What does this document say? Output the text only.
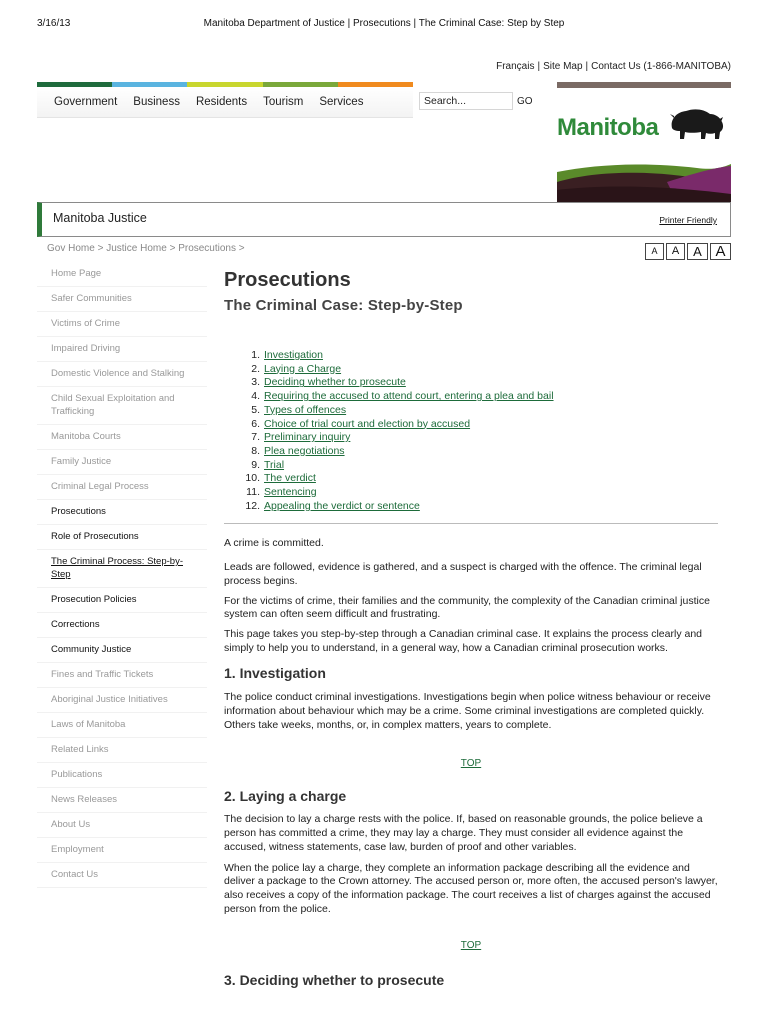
3/16/13	Manitoba Department of Justice | Prosecutions | The Criminal Case: Step by Step
Français | Site Map | Contact Us (1-866-MANITOBA)
Government	Business	Residents	Tourism	Services
Search...	GO
Manitoba
Manitoba Justice	Printer Friendly
Gov Home > Justice Home > Prosecutions >	A	A	A A
Home Page
Safer Communities
Victims of Crime
Impaired Driving
Domestic Violence and Stalking
Child Sexual Exploitation and Trafficking
Manitoba Courts
Family Justice
Criminal Legal Process
Prosecutions
Role of Prosecutions
The Criminal Process: Step-by-Step
Prosecution Policies
Corrections
Community Justice
Fines and Traffic Tickets
Aboriginal Justice Initiatives
Laws of Manitoba
Related Links
Publications
News Releases
About Us
Employment
Contact Us
Prosecutions
The Criminal Case: Step-by-Step
1. Investigation
2. Laying a Charge
3. Deciding whether to prosecute
4. Requiring the accused to attend court, entering a plea and bail
5. Types of offences
6. Choice of trial court and election by accused
7. Preliminary inquiry
8. Plea negotiations
9. Trial
10. The verdict
11. Sentencing
12. Appealing the verdict or sentence

A crime is committed.

Leads are followed, evidence is gathered, and a suspect is charged with the offence. The criminal legal process begins.

For the victims of crime, their families and the community, the complexity of the Canadian criminal justice system can often seem difficult and frustrating.

This page takes you step-by-step through a Canadian criminal case. It explains the process clearly and simply to help you to understand, in a general way, how a Canadian criminal prosecution works.

1. Investigation

The police conduct criminal investigations. Investigations begin when police witness behaviour or receive information about behaviour which may be a crime. Some criminal investigations are completed quickly. Others take weeks, months, or, in complex matters, years to complete.

TOP
2. Laying a charge

The decision to lay a charge rests with the police. If, based on reasonable grounds, the police believe a person has committed a crime, they may lay a charge. They must consider all evidence against the accused, witness statements, case law, burden of proof and other variables.

When the police lay a charge, they complete an information package describing all the evidence and deliver a package to the Crown attorney. The accused person or, more often, the accused person's lawyer, also receives a copy of the information package. The court receives a list of charges against the accused person from the police.

TOP
3. Deciding whether to prosecute
